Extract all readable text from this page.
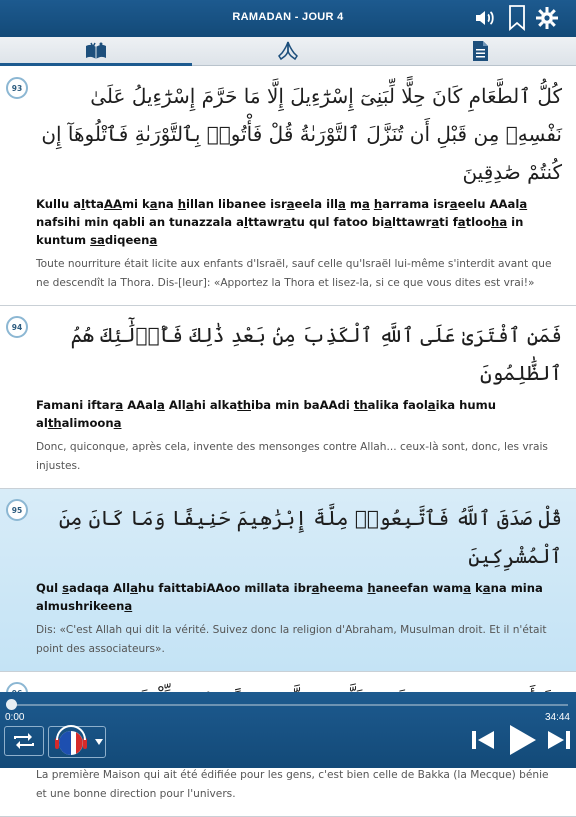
RAMADAN - JOUR 4
93	كُلُّ ٱلطَّعَامِ كَانَ حِلًّا لِّبَنِىٓ إِسْرَٰٓءِيلَ إِلَّا مَا حَرَّمَ إِسْرَٰٓءِيلُ عَلَىٰ نَفْسِهِۦ مِن قَبْلِ أَن تُنَزَّلَ ٱلتَّوْرَىٰةُ قُلْ فَأْتُوا۟ بِٱلتَّوْرَىٰةِ فَٱتْلُوهَآ إِن كُنتُمْ صَٰدِقِينَ
Kullu alttaAAmi kana hillan libanee israeela illa ma harrama israeelu AAala nafsihi min qabli an tunazzala alttawratu qul fatoo bialttawrati fatlooha in kuntum sadiqeena
Toute nourriture était licite aux enfants d'Israël, sauf celle qu'Israël lui-même s'interdit avant que ne descendît la Thora. Dis-[leur]: «Apportez la Thora et lisez-la, si ce que vous dites est vrai!»
94	فَمَنِ ٱفْتَرَىٰ عَلَى ٱللَّهِ ٱلْكَذِبَ مِنۢ بَعْدِ ذَٰلِكَ فَأُو۟لَٰٓئِكَ هُمُ ٱلظَّٰلِمُونَ
Famani iftara AAala Allahi alkathiba min baAAdi thalika faolaika humu althalimoona
Donc, quiconque, après cela, invente des mensonges contre Allah... ceux-là sont, donc, les vrais injustes.
95	قُلْ صَدَقَ ٱللَّهُ فَٱتَّبِعُوا۟ مِلَّةَ إِبْرَٰهِيمَ حَنِيفًا وَمَا كَانَ مِنَ ٱلْمُشْرِكِينَ
Qul sadaqa Allahu faittabiAAoo millata ibraheema haneefan wama kana mina almushrikeena
Dis: «C'est Allah qui dit la vérité. Suivez donc la religion d'Abraham, Musulman droit. Et il n'était point des associateurs».
La première Maison qui ait été édifiée pour les gens, c'est bien celle de Bakka (la Mecque) bénie et une bonne direction pour l'univers.
0:00	34:44
